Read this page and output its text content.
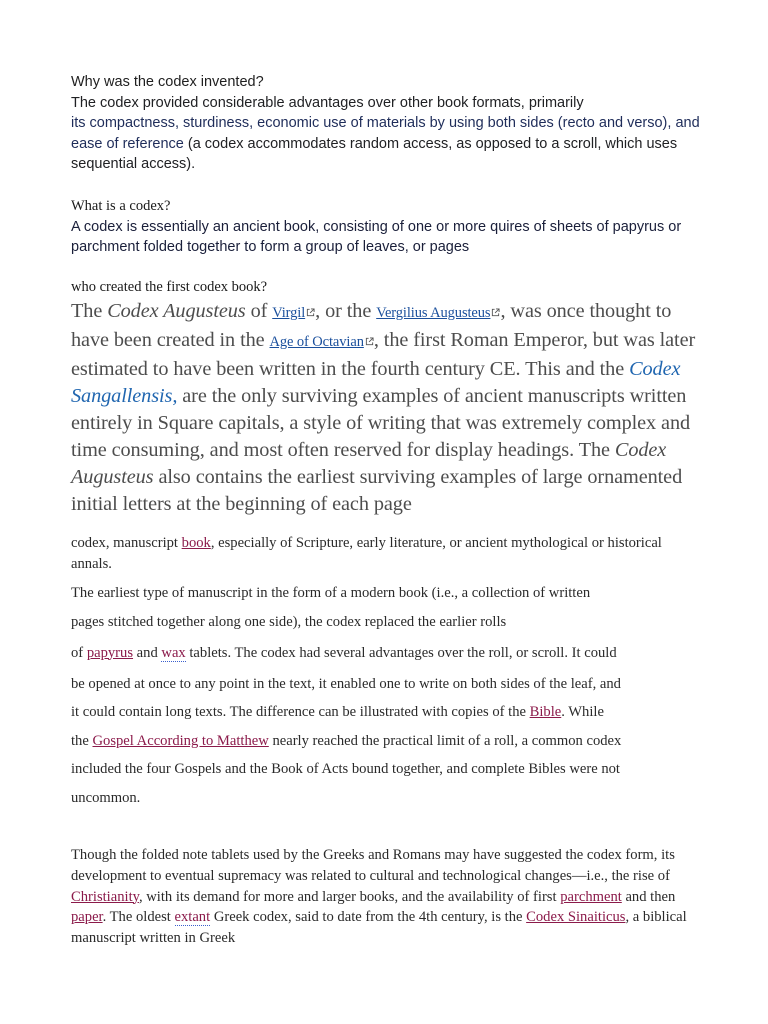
Why was the codex invented?
The codex provided considerable advantages over other book formats, primarily
its compactness, sturdiness, economic use of materials by using both sides (recto and verso), and ease of reference (a codex accommodates random access, as opposed to a scroll, which uses sequential access).
What is a codex?
A codex is essentially an ancient book, consisting of one or more quires of sheets of papyrus or parchment folded together to form a group of leaves, or pages
who created the first codex book?

The Codex Augusteus of Virgil , or the Vergilius Augusteus , was once thought to have been created in the Age of Octavian , the first Roman Emperor, but was later estimated to have been written in the fourth century CE. This and the Codex Sangallensis, are the only surviving examples of ancient manuscripts written entirely in Square capitals, a style of writing that was extremely complex and time consuming, and most often reserved for display headings. The Codex Augusteus also contains the earliest surviving examples of large ornamented initial letters at the beginning of each page

codex, manuscript book, especially of Scripture, early literature, or ancient mythological or historical annals.

The earliest type of manuscript in the form of a modern book (i.e., a collection of written
pages stitched together along one side), the codex replaced the earlier rolls
of papyrus and wax tablets. The codex had several advantages over the roll, or scroll. It could
be opened at once to any point in the text, it enabled one to write on both sides of the leaf, and
it could contain long texts. The difference can be illustrated with copies of the Bible. While
the Gospel According to Matthew nearly reached the practical limit of a roll, a common codex
included the four Gospels and the Book of Acts bound together, and complete Bibles were not
uncommon.

Though the folded note tablets used by the Greeks and Romans may have suggested the codex form, its development to eventual supremacy was related to cultural and technological changes—i.e., the rise of Christianity, with its demand for more and larger books, and the availability of first parchment and then paper. The oldest extant Greek codex, said to date from the 4th century, is the Codex Sinaiticus, a biblical manuscript written in Greek
